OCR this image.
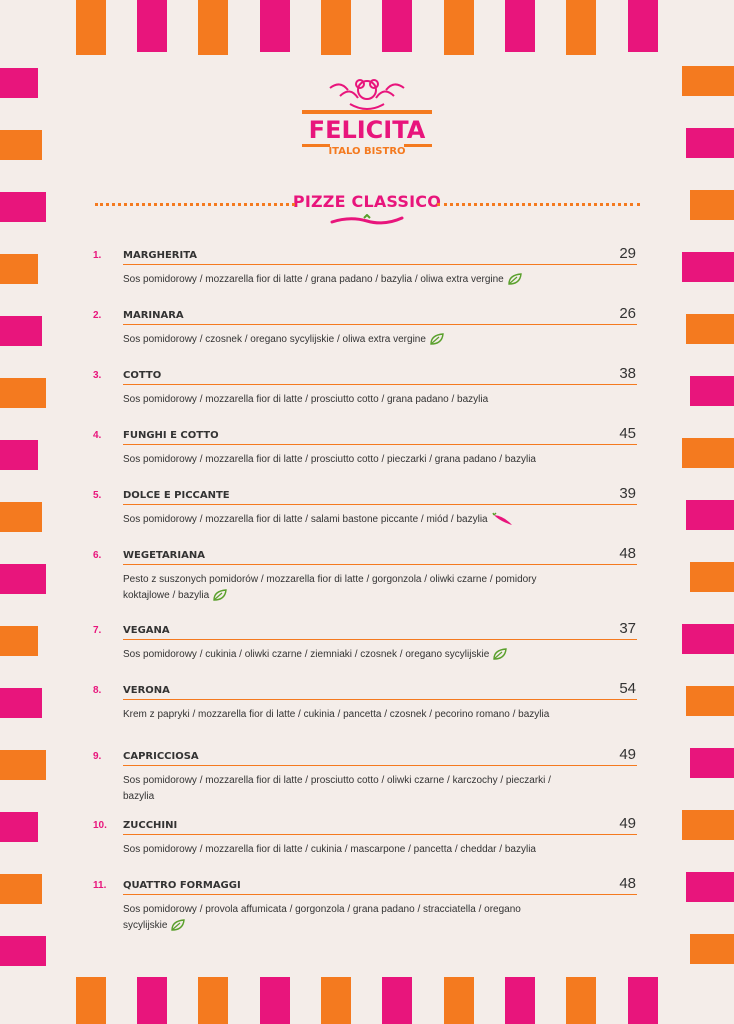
FELICITA
ITALO BISTRO
PIZZE CLASSICO
1. MARGHERITA	29
Sos pomidorowy / mozzarella fior di latte / grana padano / bazylia / oliwa extra vergine
2. MARINARA	26
Sos pomidorowy / czosnek / oregano sycylijskie / oliwa extra vergine
3. COTTO	38
Sos pomidorowy / mozzarella fior di latte / prosciutto cotto / grana padano / bazylia
4. FUNGHI E COTTO	45
Sos pomidorowy / mozzarella fior di latte / prosciutto cotto / pieczarki / grana padano / bazylia
5. DOLCE E PICCANTE	39
Sos pomidorowy / mozzarella fior di latte / salami bastone piccante / miód / bazylia
6. WEGETARIANA	48
Pesto z suszonych pomidorów / mozzarella fior di latte / gorgonzola / oliwki czarne / pomidory koktajlowe / bazylia
7. VEGANA	37
Sos pomidorowy / cukinia / oliwki czarne / ziemniaki / czosnek / oregano sycylijskie
8. VERONA	54
Krem z papryki / mozzarella fior di latte / cukinia / pancetta / czosnek / pecorino romano / bazylia
9. CAPRICCIOSA	49
Sos pomidorowy / mozzarella fior di latte / prosciutto cotto / oliwki czarne / karczochy / pieczarki / bazylia
10. ZUCCHINI	49
Sos pomidorowy / mozzarella fior di latte / cukinia / mascarpone / pancetta / cheddar / bazylia
11. QUATTRO FORMAGGI	48
Sos pomidorowy / provola affumicata / gorgonzola / grana padano / stracciatella / oregano sycylijskie
